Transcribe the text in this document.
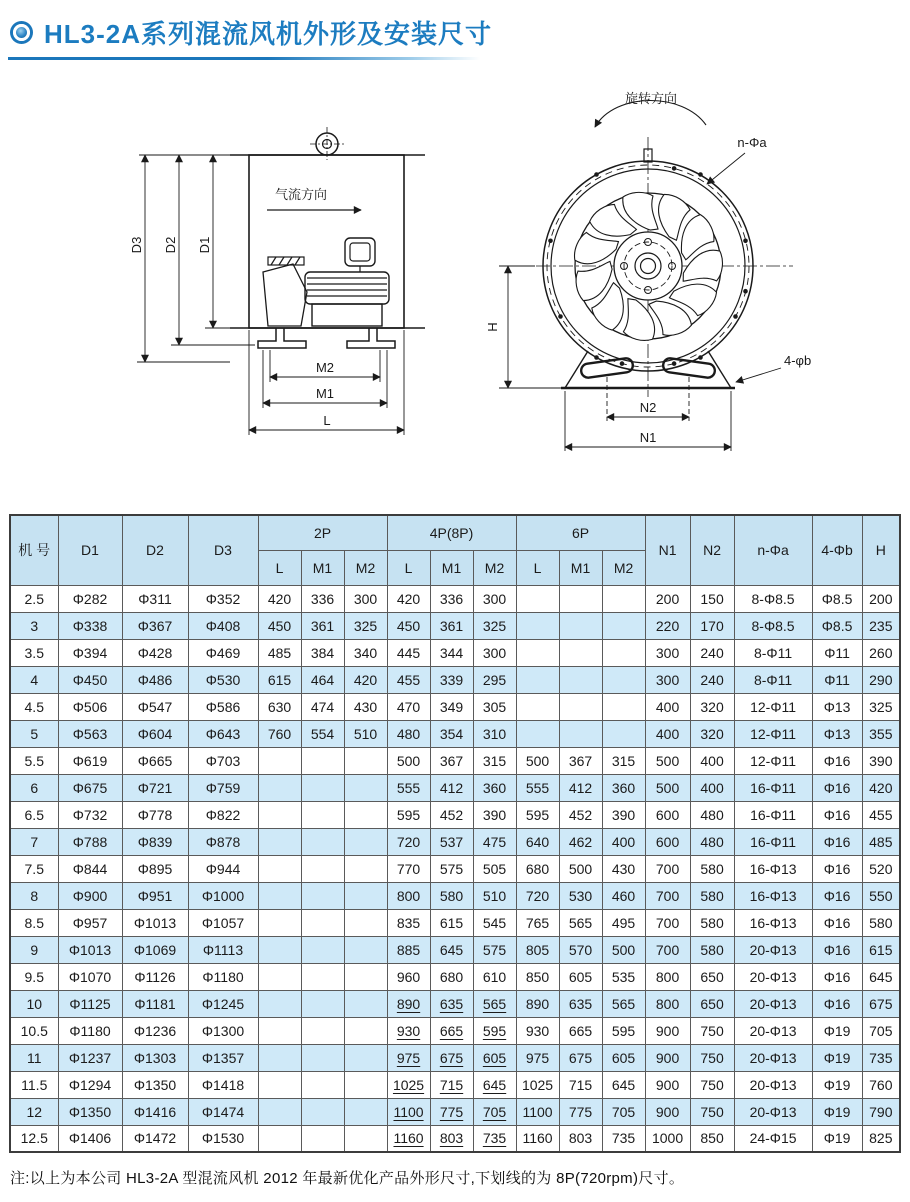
HL3-2A系列混流风机外形及安装尺寸
气流方向
D3 D2 D1
M2
M1
L
旋转方向
n-Φa
4-φb
H
N2
N1
机 号	D1	D2	D3	2P			4P(8P)			6P			N1	N2	n-Φa	4-Φb	H
				L	M1	M2	L	M1	M2	L	M1	M2					
2.5	Φ282	Φ311	Φ352	420	336	300	420	336	300				200	150	8-Φ8.5	Φ8.5	200
3	Φ338	Φ367	Φ408	450	361	325	450	361	325				220	170	8-Φ8.5	Φ8.5	235
3.5	Φ394	Φ428	Φ469	485	384	340	445	344	300				300	240	8-Φ11	Φ11	260
4	Φ450	Φ486	Φ530	615	464	420	455	339	295				300	240	8-Φ11	Φ11	290
4.5	Φ506	Φ547	Φ586	630	474	430	470	349	305				400	320	12-Φ11	Φ13	325
5	Φ563	Φ604	Φ643	760	554	510	480	354	310				400	320	12-Φ11	Φ13	355
5.5	Φ619	Φ665	Φ703				500	367	315	500	367	315	500	400	12-Φ11	Φ16	390
6	Φ675	Φ721	Φ759				555	412	360	555	412	360	500	400	16-Φ11	Φ16	420
6.5	Φ732	Φ778	Φ822				595	452	390	595	452	390	600	480	16-Φ11	Φ16	455
7	Φ788	Φ839	Φ878				720	537	475	640	462	400	600	480	16-Φ11	Φ16	485
7.5	Φ844	Φ895	Φ944				770	575	505	680	500	430	700	580	16-Φ13	Φ16	520
8	Φ900	Φ951	Φ1000				800	580	510	720	530	460	700	580	16-Φ13	Φ16	550
8.5	Φ957	Φ1013	Φ1057				835	615	545	765	565	495	700	580	16-Φ13	Φ16	580
9	Φ1013	Φ1069	Φ1113				885	645	575	805	570	500	700	580	20-Φ13	Φ16	615
9.5	Φ1070	Φ1126	Φ1180				960	680	610	850	605	535	800	650	20-Φ13	Φ16	645
10	Φ1125	Φ1181	Φ1245				890	635	565	890	635	565	800	650	20-Φ13	Φ16	675
10.5	Φ1180	Φ1236	Φ1300				930	665	595	930	665	595	900	750	20-Φ13	Φ19	705
11	Φ1237	Φ1303	Φ1357				975	675	605	975	675	605	900	750	20-Φ13	Φ19	735
11.5	Φ1294	Φ1350	Φ1418				1025	715	645	1025	715	645	900	750	20-Φ13	Φ19	760
12	Φ1350	Φ1416	Φ1474				1100	775	705	1100	775	705	900	750	20-Φ13	Φ19	790
12.5	Φ1406	Φ1472	Φ1530				1160	803	735	1160	803	735	1000	850	24-Φ15	Φ19	825

注:以上为本公司 HL3-2A 型混流风机 2012 年最新优化产品外形尺寸,下划线的为 8P(720rpm)尺寸。
